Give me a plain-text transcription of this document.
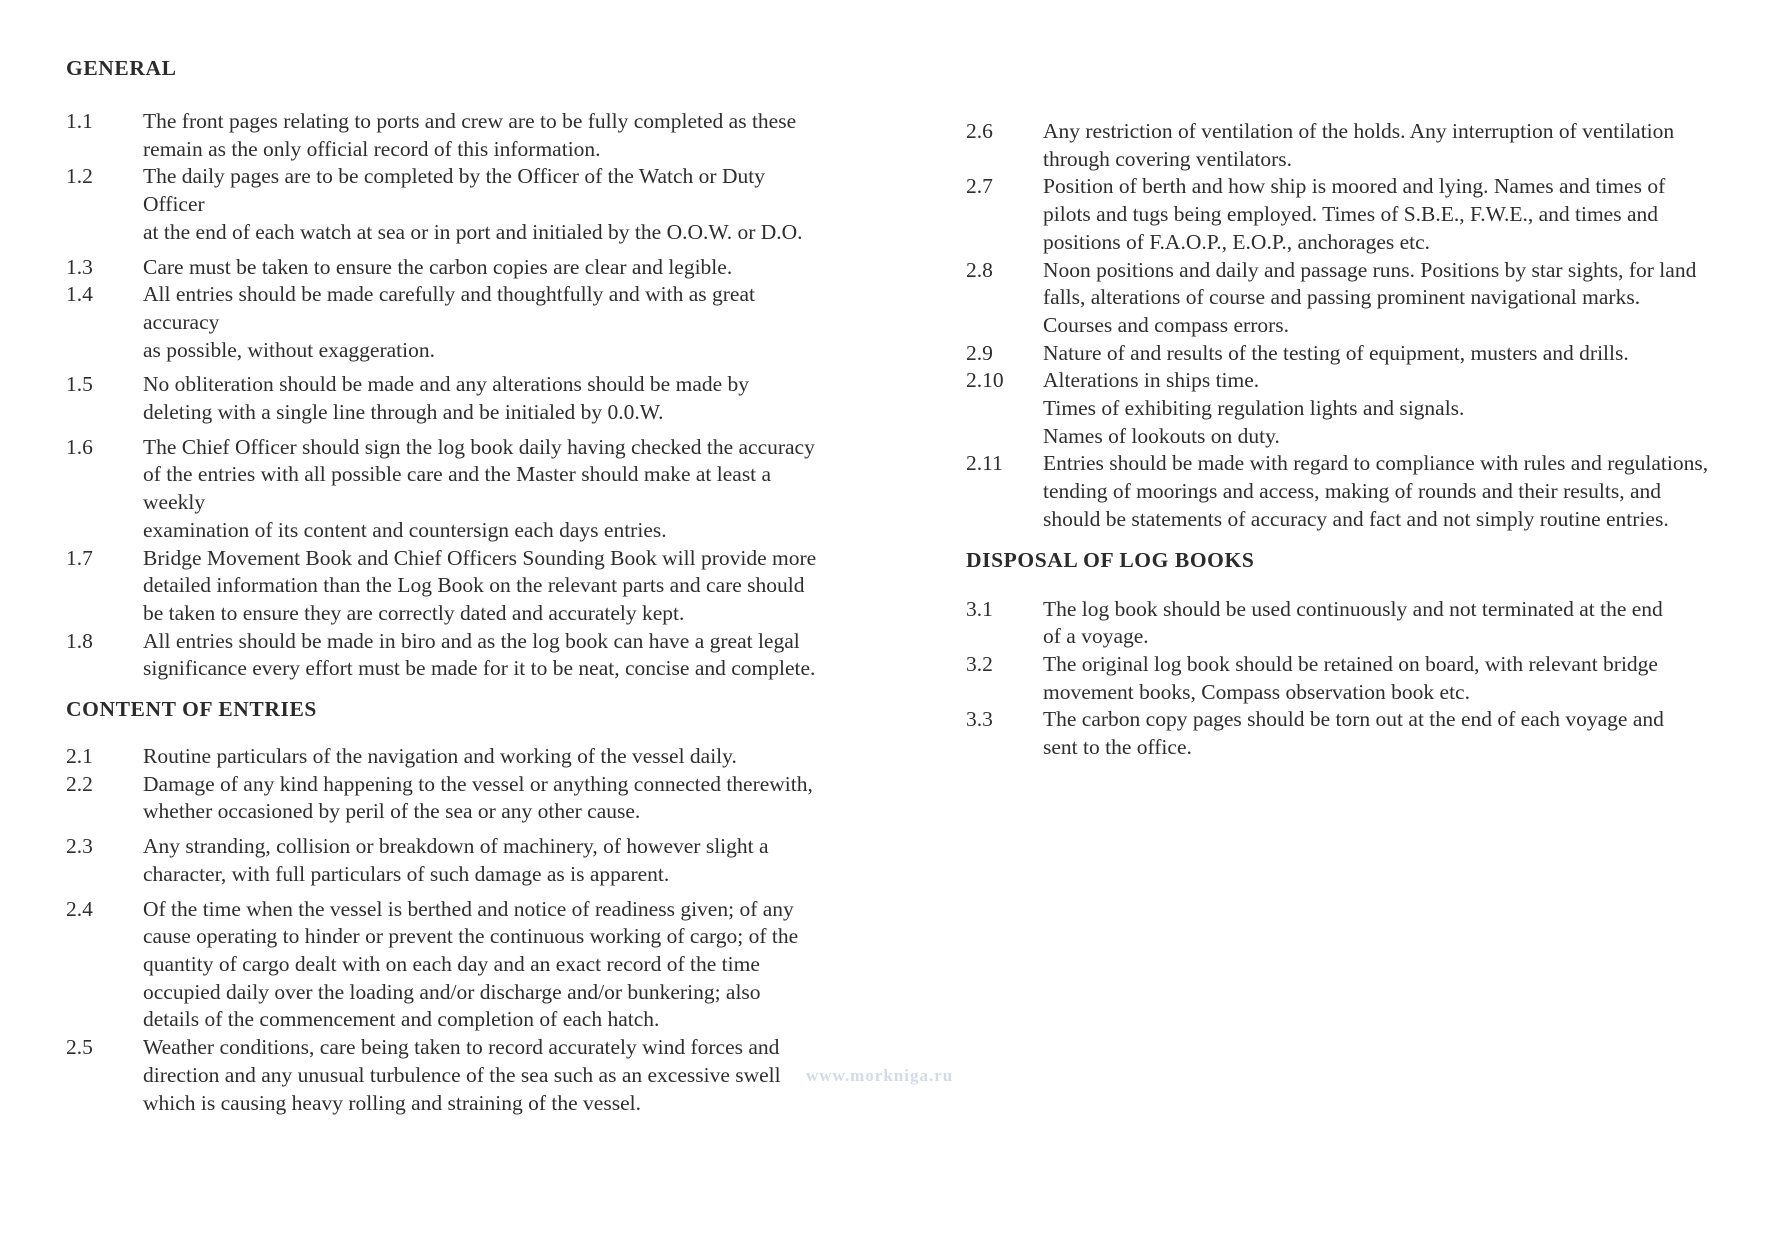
GENERAL
1.1	The front pages relating to ports and crew are to be fully completed as these
remain as the only official record of this information.
1.2	The daily pages are to be completed by the Officer of the Watch or Duty Officer
at the end of each watch at sea or in port and initialed by the O.O.W. or D.O.
1.3	Care must be taken to ensure the carbon copies are clear and legible.
1.4	All entries should be made carefully and thoughtfully and with as great accuracy
as possible, without exaggeration.
1.5	No obliteration should be made and any alterations should be made by
deleting with a single line through and be initialed by 0.0.W.
1.6	The Chief Officer should sign the log book daily having checked the accuracy
of the entries with all possible care and the Master should make at least a weekly
examination of its content and countersign each days entries.
1.7	Bridge Movement Book and Chief Officers Sounding Book will provide more
detailed information than the Log Book on the relevant parts and care should
be taken to ensure they are correctly dated and accurately kept.
1.8	All entries should be made in biro and as the log book can have a great legal
significance every effort must be made for it to be neat, concise and complete.
CONTENT OF ENTRIES
2.1	Routine particulars of the navigation and working of the vessel daily.
2.2	Damage of any kind happening to the vessel or anything connected therewith,
whether occasioned by peril of the sea or any other cause.
2.3	Any stranding, collision or breakdown of machinery, of however slight a
character, with full particulars of such damage as is apparent.
2.4	Of the time when the vessel is berthed and notice of readiness given; of any
cause operating to hinder or prevent the continuous working of cargo; of the
quantity of cargo dealt with on each day and an exact record of the time
occupied daily over the loading and/or discharge and/or bunkering; also
details of the commencement and completion of each hatch.
2.5	Weather conditions, care being taken to record accurately wind forces and
direction and any unusual turbulence of the sea such as an excessive swell
which is causing heavy rolling and straining of the vessel.
2.6	Any restriction of ventilation of the holds. Any interruption of ventilation
through covering ventilators.
2.7	Position of berth and how ship is moored and lying. Names and times of
pilots and tugs being employed. Times of S.B.E., F.W.E., and times and
positions of F.A.O.P., E.O.P., anchorages etc.
2.8	Noon positions and daily and passage runs. Positions by star sights, for land
falls, alterations of course and passing prominent navigational marks.
Courses and compass errors.
2.9	Nature of and results of the testing of equipment, musters and drills.
2.10	Alterations in ships time.
Times of exhibiting regulation lights and signals.
Names of lookouts on duty.
2.11	Entries should be made with regard to compliance with rules and regulations,
tending of moorings and access, making of rounds and their results, and
should be statements of accuracy and fact and not simply routine entries.
DISPOSAL OF LOG BOOKS
3.1	The log book should be used continuously and not terminated at the end
of a voyage.
3.2	The original log book should be retained on board, with relevant bridge
movement books, Compass observation book etc.
3.3	The carbon copy pages should be torn out at the end of each voyage and
sent to the office.
www.morkniga.ru
